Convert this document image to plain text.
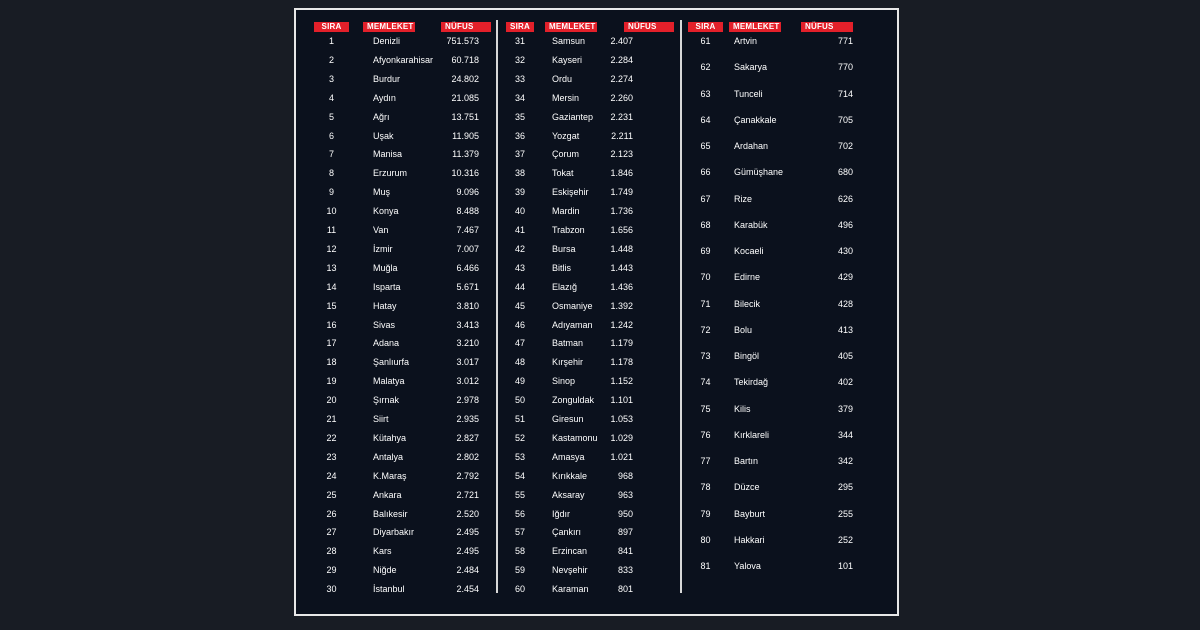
SIRA	MEMLEKET	NÜFUS
1	Denizli	751.573
2	Afyonkarahisar 60.718
3	Burdur	24.802
4	Aydın	21.085
5	Ağrı	13.751
6	Uşak	11.905
7	Manisa	11.379
8	Erzurum	10.316
9	Muş	9.096
10	Konya	8.488
11	Van	7.467
12	İzmir	7.007
13	Muğla	6.466
14	Isparta	5.671
15	Hatay	3.810
16	Sivas	3.413
17	Adana	3.210
18	Şanlıurfa	3.017
19	Malatya	3.012
20	Şırnak	2.978
21	Siirt	2.935
22	Kütahya	2.827
23	Antalya	2.802
24	K.Maraş	2.792
25	Ankara	2.721
26	Balıkesir	2.520
27	Diyarbakır	2.495
28	Kars	2.495
29	Niğde	2.484
30	İstanbul	2.454
SIRA	MEMLEKET	NÜFUS
31	Samsun	2.407
32	Kayseri	2.284
33	Ordu	2.274
34	Mersin	2.260
35	Gaziantep 2.231
36	Yozgat	2.211
37	Çorum	2.123
38	Tokat	1.846
39	Eskişehir 1.749
40	Mardin	1.736
41	Trabzon	1.656
42	Bursa	1.448
43	Bitlis	1.443
44	Elazığ	1.436
45	Osmaniye 1.392
46	Adıyaman 1.242
47	Batman	1.179
48	Kırşehir	1.178
49	Sinop	1.152
50	Zonguldak 1.101
51	Giresun	1.053
52	Kastamonu 1.029
53	Amasya	1.021
54	Kırıkkale	968
55	Aksaray	963
56	Iğdır	950
57	Çankırı	897
58	Erzincan	841
59	Nevşehir	833
60	Karaman	801
SIRA	MEMLEKET	NÜFUS
61	Artvin	771
62	Sakarya	770
63	Tunceli	714
64	Çanakkale	705
65	Ardahan	702
66	Gümüşhane	680
67	Rize	626
68	Karabük	496
69	Kocaeli	430
70	Edirne	429
71	Bilecik	428
72	Bolu	413
73	Bingöl	405
74	Tekirdağ	402
75	Kilis	379
76	Kırklareli	344
77	Bartın	342
78	Düzce	295
79	Bayburt	255
80	Hakkari	252
81	Yalova	101
